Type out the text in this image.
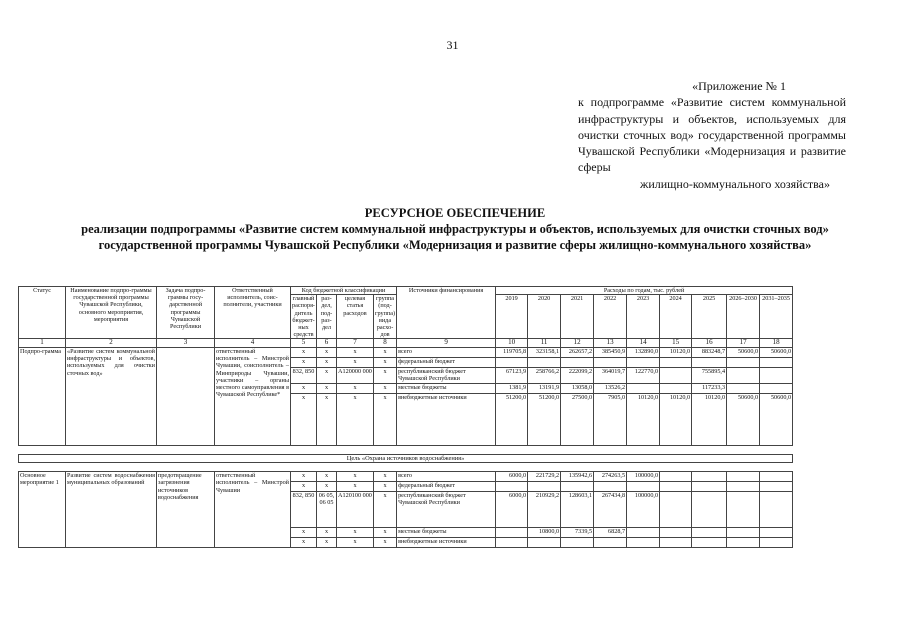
31
«Приложение № 1
к подпрограмме «Развитие систем коммунальной инфраструктуры и объектов, используемых для очистки сточных вод» государственной программы Чувашской Республики «Модернизация и развитие сферы
жилищно-коммунального хозяйства»
РЕСУРСНОЕ ОБЕСПЕЧЕНИЕ
реализации подпрограммы «Развитие систем коммунальной инфраструктуры и объектов, используемых для очистки сточных вод» государственной программы Чувашской Республики «Модернизация и развитие сферы жилищно-коммунального хозяйства»
Статус	Наименование подпро-граммы государственной программы Чувашской Республики, основного мероприятия, мероприятия	Задача подпро-граммы госу-дарственной программы Чувашской Республики	Ответственный исполнитель, соис-полнители, участники	Код бюджетной классификации				Источники финансирования	Расходы по годам, тыс. рублей								
				главный распоря-дитель бюджет-ных средств	раз-дел, под-раз-дел	целевая статья расходов	группа (под-группа) вида расхо-дов		2019	2020	2021	2022	2023	2024	2025	2026–2030	2031–2035

1	2	3	4	5	6	7	8	9	10	11	12	13	14	15	16	17	18
Подпро-грамма	«Развитие систем коммунальной инфраструктуры и объектов, используемых для очистки сточных вод»		ответственный исполнитель – Минстрой Чувашии, соисполнитель – Минприроды Чувашии, участники – органы местного самоуправления в Чувашской Республике*	x	x	x	x	всего	119705,8	323158,1	262657,2	385450,9	132890,0	10120,0	883248,7	50600,0	50600,0
				x	x	x	x	федеральный бюджет									
				832, 850	x	A120000 000	x	республиканский бюджет Чувашской Республики	67123,9	258766,2	222099,2	364019,7	122770,0		755895,4		
				x	x	x	x	местные бюджеты	1381,9	13191,9	13058,0	13526,2			117233,3		
				x	x	x	x	внебюджетные источники	51200,0	51200,0	27500,0	7905,0	10120,0	10120,0	10120,0	50600,0	50600,0

Цель «Охрана источников водоснабжения»																	

Основное мероприятие 1	Развитие систем водоснабжения муниципальных образований	предотвращение загрязнения источников водоснабжения	ответственный исполнитель – Минстрой Чувашии	x	x	x	x	всего	6000,0	221729,2	135942,6	274263,5	100000,0				
				x	x	x	x	федеральный бюджет									
				832, 850	06 05, 06 05	A120100 000	x	республиканский бюджет Чувашской Республики	6000,0	210929,2	128603,1	267434,8	100000,0				
				x	x	x	x	местные бюджеты		10800,0	7339,5	6828,7					
				x	x	x	x	внебюджетные источники									
